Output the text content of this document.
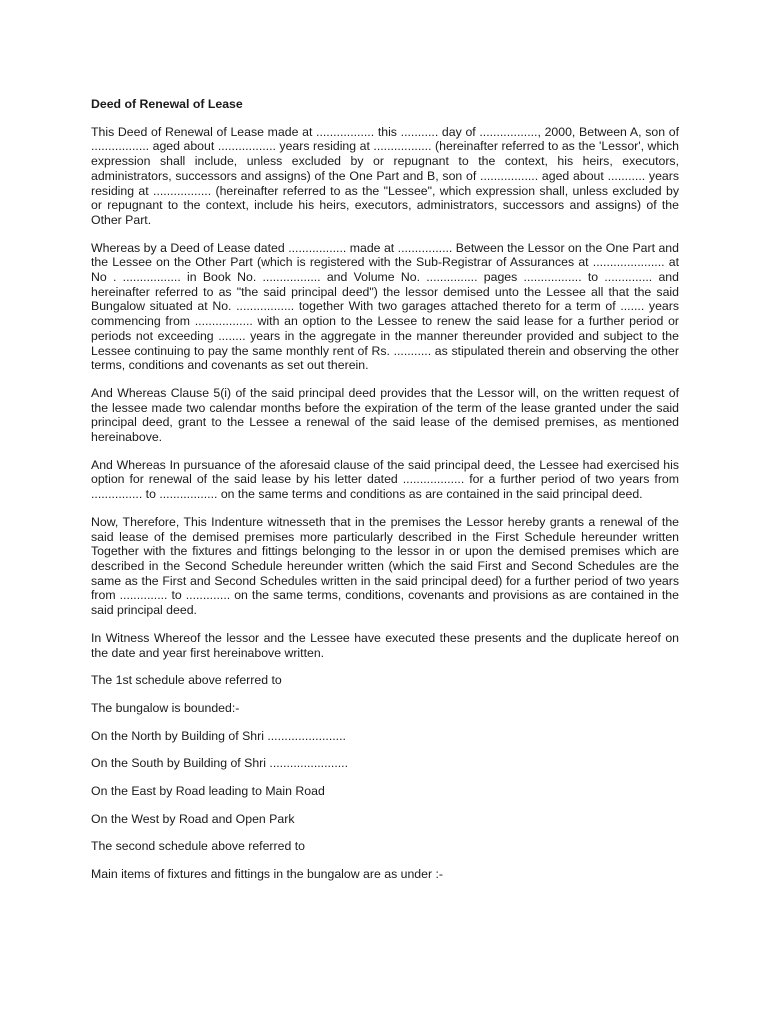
Deed of Renewal of Lease

This Deed of Renewal of Lease made at ................. this ........... day of ................., 2000, Between A, son of ................. aged about ................. years residing at ................. (hereinafter referred to as the 'Lessor', which expression shall include, unless excluded by or repugnant to the context, his heirs, executors, administrators, successors and assigns) of the One Part and B, son of ................. aged about ........... years residing at ................. (hereinafter referred to as the "Lessee", which expression shall, unless excluded by or repugnant to the context, include his heirs, executors, administrators, successors and assigns) of the Other Part.

Whereas by a Deed of Lease dated ................. made at ................ Between the Lessor on the One Part and the Lessee on the Other Part (which is registered with the Sub-Registrar of Assurances at ..................... at No . ................. in Book No. ................. and Volume No. ............... pages ................. to .............. and hereinafter referred to as "the said principal deed") the lessor demised unto the Lessee all that the said Bungalow situated at No. ................. together With two garages attached thereto for a term of ....... years commencing from ................. with an option to the Lessee to renew the said lease for a further period or periods not exceeding ........ years in the aggregate in the manner thereunder provided and subject to the Lessee continuing to pay the same monthly rent of Rs. ........... as stipulated therein and observing the other terms, conditions and covenants as set out therein.

And Whereas Clause 5(i) of the said principal deed provides that the Lessor will, on the written request of the lessee made two calendar months before the expiration of the term of the lease granted under the said principal deed, grant to the Lessee a renewal of the said lease of the demised premises, as mentioned hereinabove.

And Whereas In pursuance of the aforesaid clause of the said principal deed, the Lessee had exercised his option for renewal of the said lease by his letter dated .................. for a further period of two years from ............... to ................. on the same terms and conditions as are contained in the said principal deed.

Now, Therefore, This Indenture witnesseth that in the premises the Lessor hereby grants a renewal of the said lease of the demised premises more particularly described in the First Schedule hereunder written Together with the fixtures and fittings belonging to the lessor in or upon the demised premises which are described in the Second Schedule hereunder written (which the said First and Second Schedules are the same as the First and Second Schedules written in the said principal deed) for a further period of two years from .............. to ............. on the same terms, conditions, covenants and provisions as are contained in the said principal deed.

In Witness Whereof the lessor and the Lessee have executed these presents and the duplicate hereof on the date and year first hereinabove written.

The 1st schedule above referred to
The bungalow is bounded:-
On the North by Building of Shri .......................
On the South by Building of Shri .......................
On the East by Road leading to Main Road
On the West by Road and Open Park
The second schedule above referred to
Main items of fixtures and fittings in the bungalow are as under :-
